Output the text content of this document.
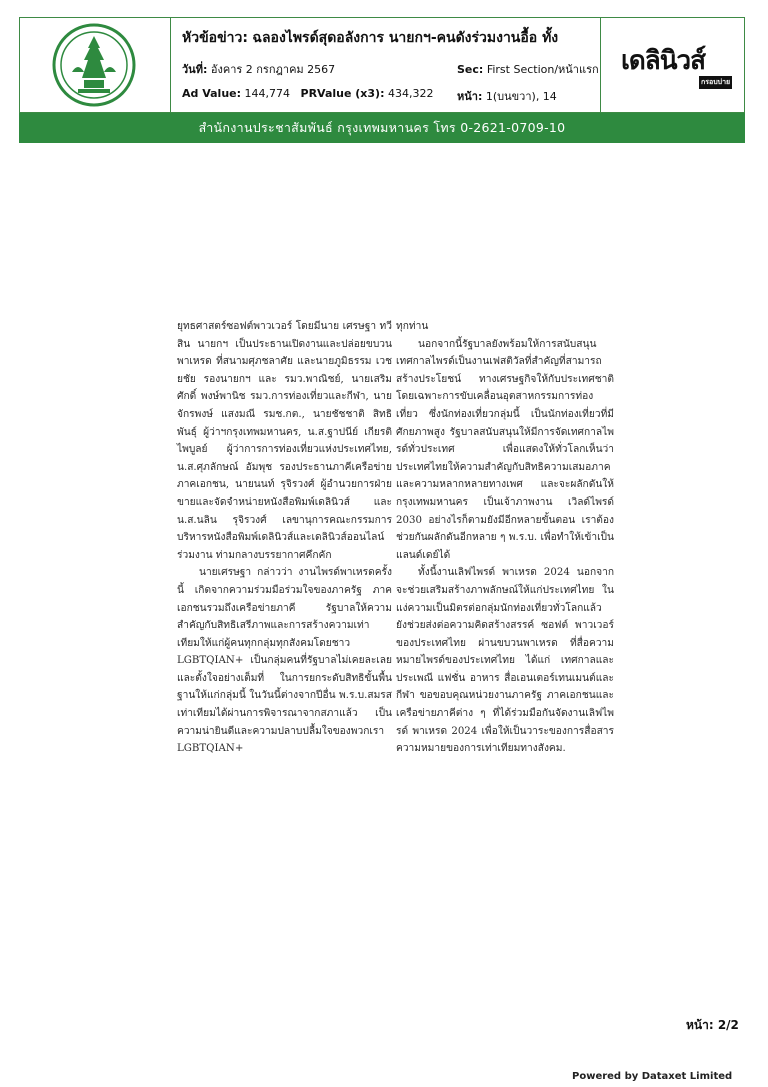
หัวข้อข่าว: ฉลองไพรด์สุดอลังการ นายกฯ-คนดังร่วมงานอื้อ ทั้ง
วันที่: อังคาร 2 กรกฎาคม 2567	Sec: First Section/หน้าแรก
Ad Value: 144,774 PRValue (x3): 434,322 หน้า: 1(บนขวา), 14
เดลินิวส์
กรอบบ่าย
สำนักงานประชาสัมพันธ์ กรุงเทพมหานคร โทร 0-2621-0709-10

ยุทธศาสตร์ซอฟต์พาวเวอร์ โดยมีนาย เศรษฐา ทวีสิน นายกฯ เป็นประธานเปิดงานและปล่อยขบวนพาเหรด ที่สนามศุภชลาศัย และนายภูมิธรรม เวชยชัย รองนายกฯ และ รมว.พาณิชย์, นายเสริมศักดิ์ พงษ์พานิช รมว.การท่องเที่ยวและกีฬา, นายจักรพงษ์ แสงมณี รมช.กต., นายชัชชาติ สิทธิพันธุ์ ผู้ว่าฯกรุงเทพมหานคร, น.ส.ฐาปนีย์ เกียรติไพบูลย์ ผู้ว่าการการท่องเที่ยวแห่งประเทศไทย, น.ส.ศุภลักษณ์ อัมพุช รองประธานภาคีเครือข่ายภาคเอกชน, นายนนท์ รุจิรวงศ์ ผู้อำนวยการฝ่ายขายและจัดจำหน่ายหนังสือพิมพ์เดลินิวส์ และ น.ส.นลิน รุจิรวงศ์ เลขานุการคณะกรรมการบริหารหนังสือพิมพ์เดลินิวส์และเดลินิวส์ออนไลน์ร่วมงาน ท่ามกลางบรรยากาศคึกคัก

นายเศรษฐา กล่าวว่า งานไพรด์พาเหรดครั้งนี้ เกิดจากความร่วมมือร่วมใจของภาครัฐ ภาคเอกชนรวมถึงเครือข่ายภาคี รัฐบาลให้ความสำคัญกับสิทธิเสรีภาพและการสร้างความเท่าเทียมให้แก่ผู้คนทุกกลุ่มทุกสังคมโดยชาว LGBTQIAN+ เป็นกลุ่มคนที่รัฐบาลไม่เคยละเลยและตั้งใจอย่างเต็มที่ ในการยกระดับสิทธิขั้นพื้นฐานให้แก่กลุ่มนี้ ในวันนี้ต่างจากปีอื่น พ.ร.บ.สมรสเท่าเทียมได้ผ่านการพิจารณาจากสภาแล้ว เป็นความน่ายินดีและความปลาบปลื้มใจของพวกเรา LGBTQIAN+

ทุกท่าน

นอกจากนี้รัฐบาลยังพร้อมให้การสนับสนุน เทศกาลไพรด์เป็นงานเฟสติวัลที่สำคัญที่สามารถสร้างประโยชน์ ทางเศรษฐกิจให้กับประเทศชาติ โดยเฉพาะการขับเคลื่อนอุตสาหกรรมการท่องเที่ยว ซึ่งนักท่องเที่ยวกลุ่มนี้ เป็นนักท่องเที่ยวที่มีศักยภาพสูง รัฐบาลสนับสนุนให้มีการจัดเทศกาลไพรด์ทั่วประเทศ เพื่อแสดงให้ทั่วโลกเห็นว่า ประเทศไทยให้ความสำคัญกับสิทธิความเสมอภาค และความหลากหลายทางเพศ และจะผลักดันให้กรุงเทพมหานคร เป็นเจ้าภาพงาน เวิลด์ไพรด์ 2030 อย่างไรก็ตามยังมีอีกหลายขั้นตอน เราต้องช่วยกันผลักดันอีกหลาย ๆ พ.ร.บ. เพื่อทำให้เข้าเป็นแลนด์เดย์ได้

ทั้งนี้งานเลิฟไพรด์ พาเหรด 2024 นอกจากจะช่วยเสริมสร้างภาพลักษณ์ให้แก่ประเทศไทย ในแง่ความเป็นมิตรต่อกลุ่มนักท่องเที่ยวทั่วโลกแล้ว ยังช่วยส่งต่อความคิดสร้างสรรค์ ซอฟต์ พาวเวอร์ของประเทศไทย ผ่านขบวนพาเหรด ที่สื่อความหมายไพรด์ของประเทศไทย ได้แก่ เทศกาลและประเพณี แฟชั่น อาหาร สื่อเอนเตอร์เทนเมนต์และกีฬา ขอขอบคุณหน่วยงานภาครัฐ ภาคเอกชนและเครือข่ายภาคีต่าง ๆ ที่ได้ร่วมมือกันจัดงานเลิฟไพรด์ พาเหรด 2024 เพื่อให้เป็นวาระของการสื่อสารความหมายของการเท่าเทียมทางสังคม.

หน้า: 2/2
Powered by Dataxet Limited
